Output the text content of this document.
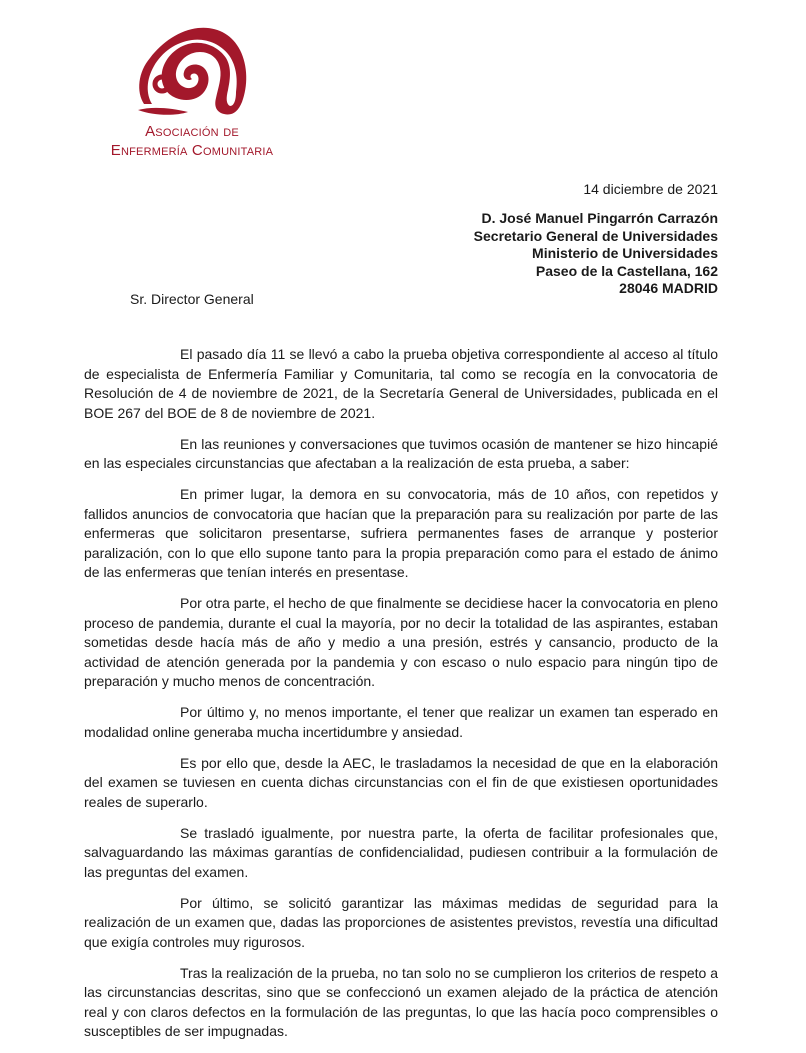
Asociación de
Enfermería Comunitaria
14 diciembre de 2021
D. José Manuel Pingarrón Carrazón
Secretario General de Universidades
Ministerio de Universidades
Paseo de la Castellana, 162
28046 MADRID
Sr. Director General

El pasado día 11 se llevó a cabo la prueba objetiva correspondiente al acceso al título de especialista de Enfermería Familiar y Comunitaria, tal como se recogía en la convocatoria de Resolución de 4 de noviembre de 2021, de la Secretaría General de Universidades, publicada en el BOE 267 del BOE de 8 de noviembre de 2021.

En las reuniones y conversaciones que tuvimos ocasión de mantener se hizo hincapié en las especiales circunstancias que afectaban a la realización de esta prueba, a saber:

En primer lugar, la demora en su convocatoria, más de 10 años, con repetidos y fallidos anuncios de convocatoria que hacían que la preparación para su realización por parte de las enfermeras que solicitaron presentarse, sufriera permanentes fases de arranque y posterior paralización, con lo que ello supone tanto para la propia preparación como para el estado de ánimo de las enfermeras que tenían interés en presentase.

Por otra parte, el hecho de que finalmente se decidiese hacer la convocatoria en pleno proceso de pandemia, durante el cual la mayoría, por no decir la totalidad de las aspirantes, estaban sometidas desde hacía más de año y medio a una presión, estrés y cansancio, producto de la actividad de atención generada por la pandemia y con escaso o nulo espacio para ningún tipo de preparación y mucho menos de concentración.

Por último y, no menos importante, el tener que realizar un examen tan esperado en modalidad online generaba mucha incertidumbre y ansiedad.

Es por ello que, desde la AEC, le trasladamos la necesidad de que en la elaboración del examen se tuviesen en cuenta dichas circunstancias con el fin de que existiesen oportunidades reales de superarlo.

Se trasladó igualmente, por nuestra parte, la oferta de facilitar profesionales que, salvaguardando las máximas garantías de confidencialidad, pudiesen contribuir a la formulación de las preguntas del examen.

Por último, se solicitó garantizar las máximas medidas de seguridad para la realización de un examen que, dadas las proporciones de asistentes previstos, revestía una dificultad que exigía controles muy rigurosos.

Tras la realización de la prueba, no tan solo no se cumplieron los criterios de respeto a las circunstancias descritas, sino que se confeccionó un examen alejado de la práctica de atención real y con claros defectos en la formulación de las preguntas, lo que las hacía poco comprensibles o susceptibles de ser impugnadas.
